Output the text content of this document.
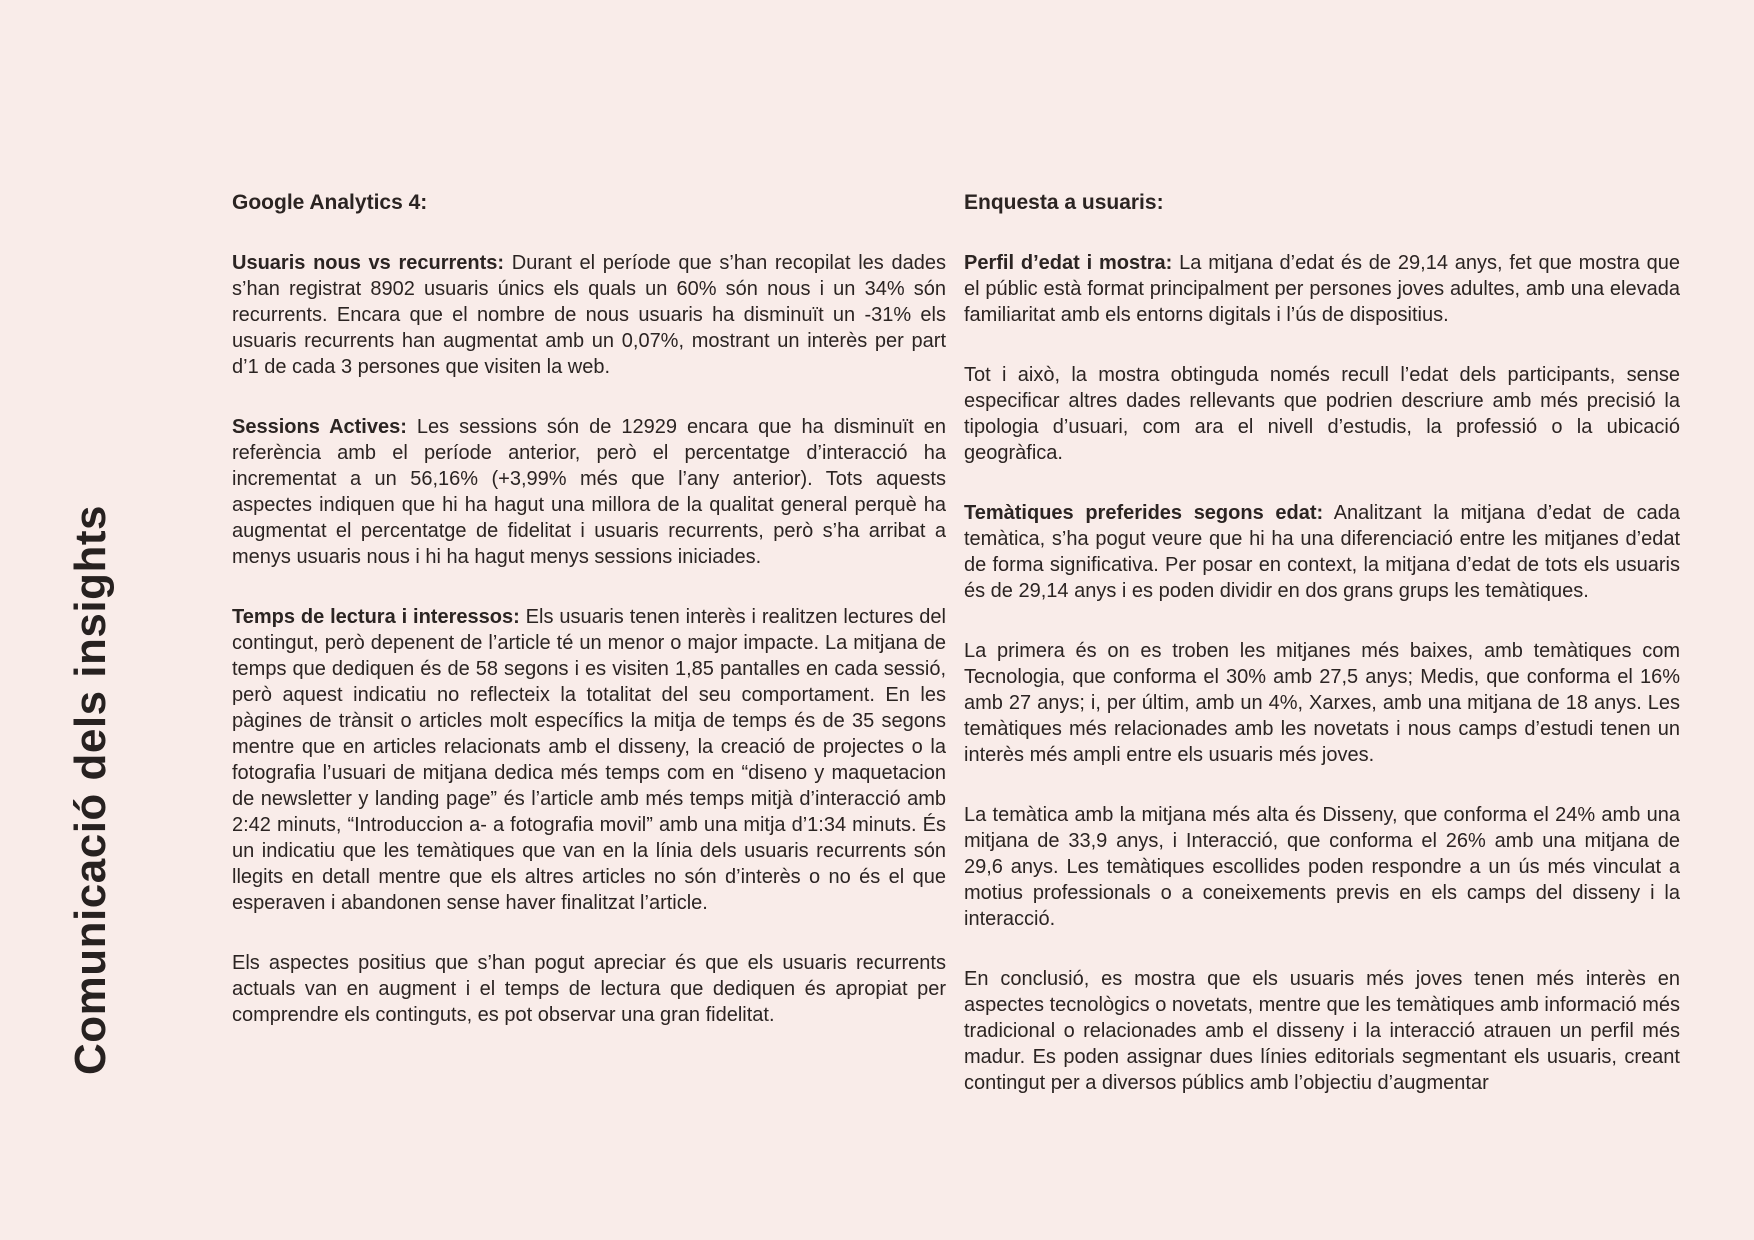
Comunicació dels insights
Google Analytics 4:

Usuaris nous vs recurrents: Durant el període que s’han recopilat les dades s’han registrat 8902 usuaris únics els quals un 60% són nous i un 34% són recurrents. Encara que el nombre de nous usuaris ha disminuït un -31% els usuaris recurrents han augmentat amb un 0,07%, mostrant un interès per part d’1 de cada 3 persones que visiten la web.

Sessions Actives: Les sessions són de 12929 encara que ha disminuït en referència amb el període anterior, però el percentatge d’interacció ha incrementat a un 56,16% (+3,99% més que l’any anterior). Tots aquests aspectes indiquen que hi ha hagut una millora de la qualitat general perquè ha augmentat el percentatge de fidelitat i usuaris recurrents, però s’ha arribat a menys usuaris nous i hi ha hagut menys sessions iniciades.

Temps de lectura i interessos: Els usuaris tenen interès i realitzen lectures del contingut, però depenent de l’article té un menor o major impacte. La mitjana de temps que dediquen és de 58 segons i es visiten 1,85 pantalles en cada sessió, però aquest indicatiu no reflecteix la totalitat del seu comportament. En les pàgines de trànsit o articles molt específics la mitja de temps és de 35 segons mentre que en articles relacionats amb el disseny, la creació de projectes o la fotografia l’usuari de mitjana dedica més temps com en “diseno y maquetacion de newsletter y landing page” és l’article amb més temps mitjà d’interacció amb 2:42 minuts, “Introduccion a- a fotografia movil” amb una mitja d’1:34 minuts. És un indicatiu que les temàtiques que van en la línia dels usuaris recurrents són llegits en detall mentre que els altres articles no són d’interès o no és el que esperaven i abandonen sense haver finalitzat l’article.

Els aspectes positius que s’han pogut apreciar és que els usuaris recurrents actuals van en augment i el temps de lectura que dediquen és apropiat per comprendre els continguts, es pot observar una gran fidelitat.

Enquesta a usuaris:

Perfil d’edat i mostra: La mitjana d’edat és de 29,14 anys, fet que mostra que el públic està format principalment per persones joves adultes, amb una elevada familiaritat amb els entorns digitals i l’ús de dispositius.

Tot i això, la mostra obtinguda només recull l’edat dels participants, sense especificar altres dades rellevants que podrien descriure amb més precisió la tipologia d’usuari, com ara el nivell d’estudis, la professió o la ubicació geogràfica.

Temàtiques preferides segons edat: Analitzant la mitjana d’edat de cada temàtica, s’ha pogut veure que hi ha una diferenciació entre les mitjanes d’edat de forma significativa. Per posar en context, la mitjana d’edat de tots els usuaris és de 29,14 anys i es poden dividir en dos grans grups les temàtiques.

La primera és on es troben les mitjanes més baixes, amb temàtiques com Tecnologia, que conforma el 30% amb 27,5 anys; Medis, que conforma el 16% amb 27 anys; i, per últim, amb un 4%, Xarxes, amb una mitjana de 18 anys. Les temàtiques més relacionades amb les novetats i nous camps d’estudi tenen un interès més ampli entre els usuaris més joves.

La temàtica amb la mitjana més alta és Disseny, que conforma el 24% amb una mitjana de 33,9 anys, i Interacció, que conforma el 26% amb una mitjana de 29,6 anys. Les temàtiques escollides poden respondre a un ús més vinculat a motius professionals o a coneixements previs en els camps del disseny i la interacció.

En conclusió, es mostra que els usuaris més joves tenen més interès en aspectes tecnològics o novetats, mentre que les temàtiques amb informació més tradicional o relacionades amb el disseny i la interacció atrauen un perfil més madur. Es poden assignar dues línies editorials segmentant els usuaris, creant contingut per a diversos públics amb l’objectiu d’augmentar
